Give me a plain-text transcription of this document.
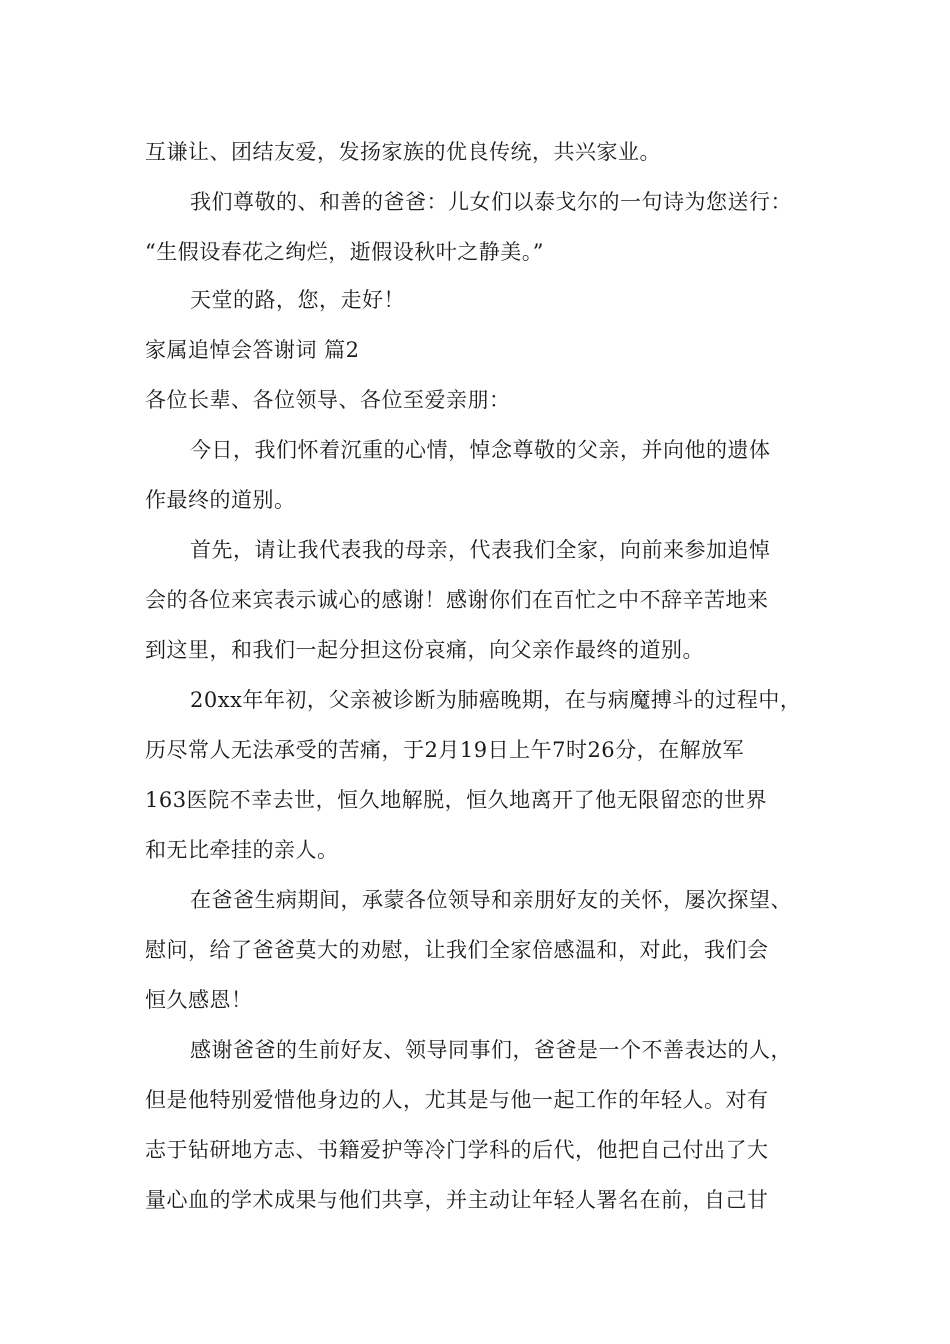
互谦让、团结友爱，发扬家族的优良传统，共兴家业。
我们尊敬的、和善的爸爸：儿女们以泰戈尔的一句诗为您送行：
“生假设春花之绚烂，逝假设秋叶之静美。”
天堂的路，您，走好！
家属追悼会答谢词 篇2
各位长辈、各位领导、各位至爱亲朋：
今日，我们怀着沉重的心情，悼念尊敬的父亲，并向他的遗体
作最终的道别。
首先，请让我代表我的母亲，代表我们全家，向前来参加追悼
会的各位来宾表示诚心的感谢！感谢你们在百忙之中不辞辛苦地来
到这里，和我们一起分担这份哀痛，向父亲作最终的道别。
20xx年年初，父亲被诊断为肺癌晚期，在与病魔搏斗的过程中，
历尽常人无法承受的苦痛，于2月19日上午7时26分，在解放军
163医院不幸去世，恒久地解脱，恒久地离开了他无限留恋的世界
和无比牵挂的亲人。
在爸爸生病期间，承蒙各位领导和亲朋好友的关怀，屡次探望、
慰问，给了爸爸莫大的劝慰，让我们全家倍感温和，对此，我们会
恒久感恩！
感谢爸爸的生前好友、领导同事们，爸爸是一个不善表达的人，
但是他特别爱惜他身边的人，尤其是与他一起工作的年轻人。对有
志于钻研地方志、书籍爱护等冷门学科的后代，他把自己付出了大
量心血的学术成果与他们共享，并主动让年轻人署名在前，自己甘
